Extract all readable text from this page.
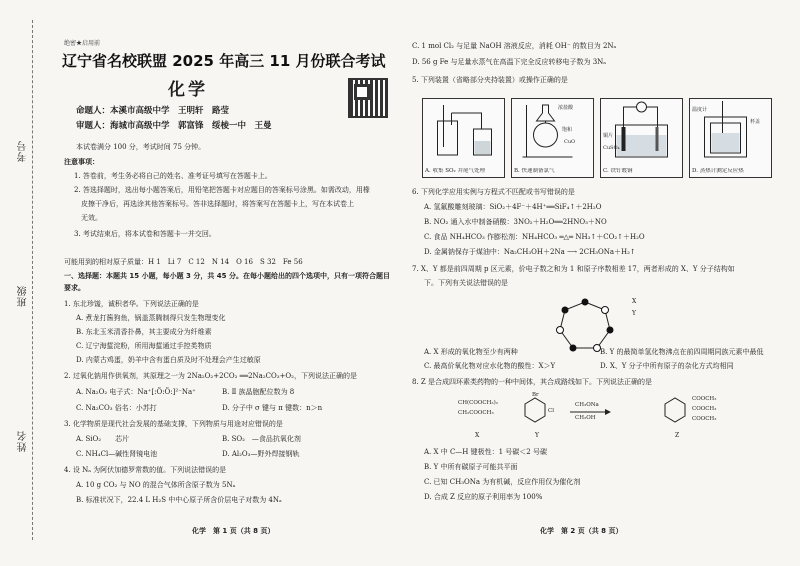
考号
班级
姓名
绝密★启用前
辽宁省名校联盟 2025 年高三 11 月份联合考试
化学
命题人：本溪市高级中学　王明轩　路莹
审题人：海城市高级中学　郭富锋　绥棱一中　王曼
本试卷满分 100 分，考试时间 75 分钟。
注意事项：
1. 答卷前，考生务必将自己的姓名、准考证号填写在答题卡上。
2. 答选择题时，选出每小题答案后，用铅笔把答题卡对应题目的答案标号涂黑。如需改动，用橡
　皮擦干净后，再选涂其他答案标号。答非选择题时，将答案写在答题卡上，写在本试卷上
　无效。
3. 考试结束后，将本试卷和答题卡一并交回。
可能用到的相对原子质量：H 1　Li 7　C 12　N 14　O 16　S 32　Fe 56
一、选择题：本题共 15 小题，每小题 3 分，共 45 分。在每小题给出的四个选项中，只有一项符合题目
要求。
1. 东北珍馐，诚积者华。下列说法正确的是
A. 煮龙打酱狗鱼，锅盖蒸腾制得只发生物理变化
B. 东北玉米清香扑鼻，其主要成分为纤维素
C. 辽宁海蜇淀粉，所用海蜇通过手控类物质
D. 内蒙古鸡蛋，奶羊中含有蛋白质及时不处理会产生过敏原
2. 过氧化钠用作供氧剂，其原理之一为 2Na₂O₂+2CO₂ ══2Na₂CO₃+O₂，下列说法正确的是
A. Na₂O₂ 电子式：Na⁺[:Ö:Ö:]²⁻Na⁺	B. Ⅱ 族晶胞配位数为 8
C. Na₂CO₃ 俗名：小苏打	D. 分子中 σ 键与 π 键数：n＞n
3. 化学物质是现代社会发展的基础支撑，下列物质与用途对应错误的是
A. SiO₂　　芯片	B. SO₂　—食品抗氧化剂
C. NH₄Cl—碱性肾镜电池	D. Al₂O₃—野外焊接钢轨
4. 设 Nₐ 为阿伏加德罗常数的值。下列说法错误的是
A. 10 g CO₂ 与 NO 的混合气体所含原子数为 5Nₐ
B. 标准状况下，22.4 L H₂S 中中心原子所含价层电子对数为 4Nₐ
化学　第 1 页（共 8 页）
C. 1 mol Cl₂ 与足量 NaOH 溶液反应，消耗 OH⁻ 的数目为 2Nₐ
D. 56 g Fe 与足量水蒸气在高温下完全反应转移电子数为 3Nₐ
5. 下列装置（省略部分夹持装置）或操作正确的是
A. 收集 SO₂ 并尾气处理
浓盐酸
饱和
CuO
B. 快速制备氯气
铜片
CuSO₄
C. 铁钉镀铜
温度计
杯盖
D. 蒸热计测定反应热
6. 下列化学应用实例与方程式不匹配或书写错误的是
A. 氢氟酸雕刻玻璃：SiO₂＋4F⁻＋4H⁺══SiF₄↑＋2H₂O
B. NO₂ 通入水中制备硝酸：3NO₂＋H₂O══2HNO₃＋NO
C. 食品 NH₄HCO₃ 作膨松剂：NH₄HCO₃ ═△═ NH₃↑＋CO₂↑＋H₂O
D. 金属钠保存于煤油中：Na₂CH₃OH＋2Na ⟶ 2CH₃ONa＋H₂↑
7. X、Y 都是前四周期 p 区元素，价电子数之和为 1 和原子序数相差 17，两者形成的 X、Y 分子结构如
下。下列有关说法错误的是
X
Y
A. X 形成的氧化物至少有两种	B. Y 的最简单氢化物沸点在前四周期同族元素中最低
C. 最高价氧化物对应水化物的酸性：X＞Y	D. X、Y 分子中所有原子的杂化方式均相同
8. Z 是合成四环素类药物的一种中间体，其合成路线如下。下列说法正确的是
CH(COOCH₃)₂
CH₂COOCH₃
Br
Cl
CH₃ONa
CH₃OH
COOCH₃
COOCH₃
COOCH₃
X	Y	Z
A. X 中 C—H 键极性：1 号碳＜2 号碳
B. Y 中所有碳原子可能共平面
C. 已知 CH₃ONa 为有机碱，反应作用仅为催化剂
D. 合成 Z 反应的原子利用率为 100%
化学　第 2 页（共 8 页）
